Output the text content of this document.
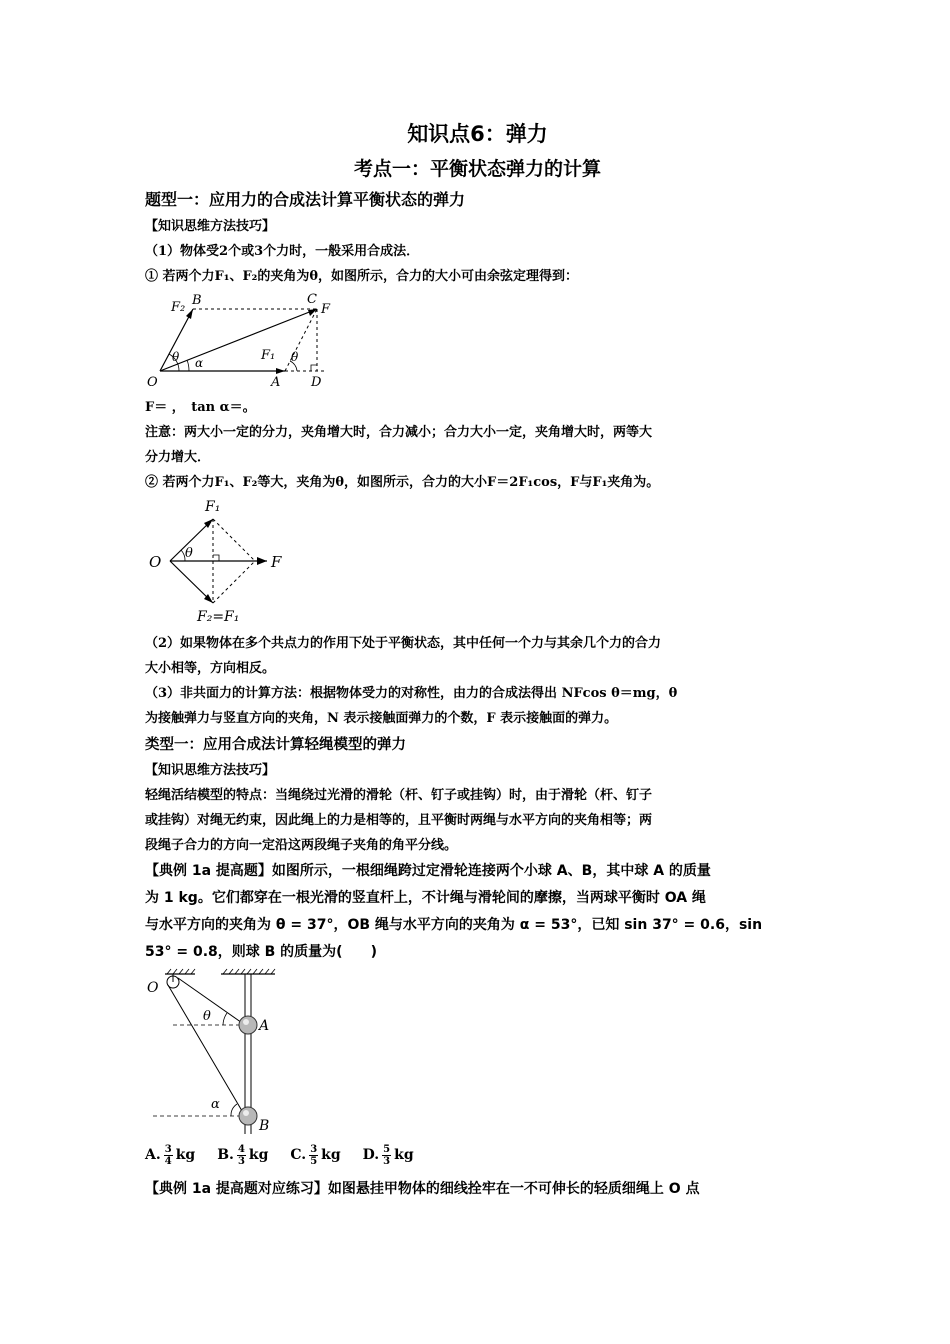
知识点6：弹力
考点一：平衡状态弹力的计算
题型一：应用力的合成法计算平衡状态的弹力
【知识思维方法技巧】
（1）物体受2个或3个力时，一般采用合成法．
① 若两个力F₁、F₂的夹角为θ，如图所示，合力的大小可由余弦定理得到：
F₂ B	C
F
θ α	F₁ θ
O	A D
F＝ ，　tan α＝。
注意：两大小一定的分力，夹角增大时，合力减小；合力大小一定，夹角增大时，两等大
分力增大．
② 若两个力F₁、F₂等大，夹角为θ，如图所示，合力的大小F＝2F₁cos，F与F₁夹角为。
F₁
O θ	F
F₂=F₁
（2）如果物体在多个共点力的作用下处于平衡状态，其中任何一个力与其余几个力的合力
大小相等，方向相反。
（3）非共面力的计算方法：根据物体受力的对称性，由力的合成法得出 NFcos θ＝mg，θ
为接触弹力与竖直方向的夹角，N 表示接触面弹力的个数，F 表示接触面的弹力。
类型一：应用合成法计算轻绳模型的弹力
【知识思维方法技巧】
轻绳活结模型的特点：当绳绕过光滑的滑轮（杆、钉子或挂钩）时，由于滑轮（杆、钉子
或挂钩）对绳无约束，因此绳上的力是相等的，且平衡时两绳与水平方向的夹角相等；两
段绳子合力的方向一定沿这两段绳子夹角的角平分线。
【典例 1a 提高题】如图所示，一根细绳跨过定滑轮连接两个小球 A、B，其中球 A 的质量
为 1 kg。它们都穿在一根光滑的竖直杆上，不计绳与滑轮间的摩擦，当两球平衡时 OA 绳
与水平方向的夹角为 θ = 37°，OB 绳与水平方向的夹角为 α = 53°，已知 sin 37° = 0.6，sin
53° = 0.8，则球 B 的质量为(　　)
O
θ
A
α
B
A. $\frac{3}{4}$ kg B. $\frac{4}{3}$ kg C. $\frac{3}{5}$ kg D. $\frac{5}{3}$ kg
【典例 1a 提高题对应练习】如图悬挂甲物体的细线拴牢在一不可伸长的轻质细绳上 O 点
